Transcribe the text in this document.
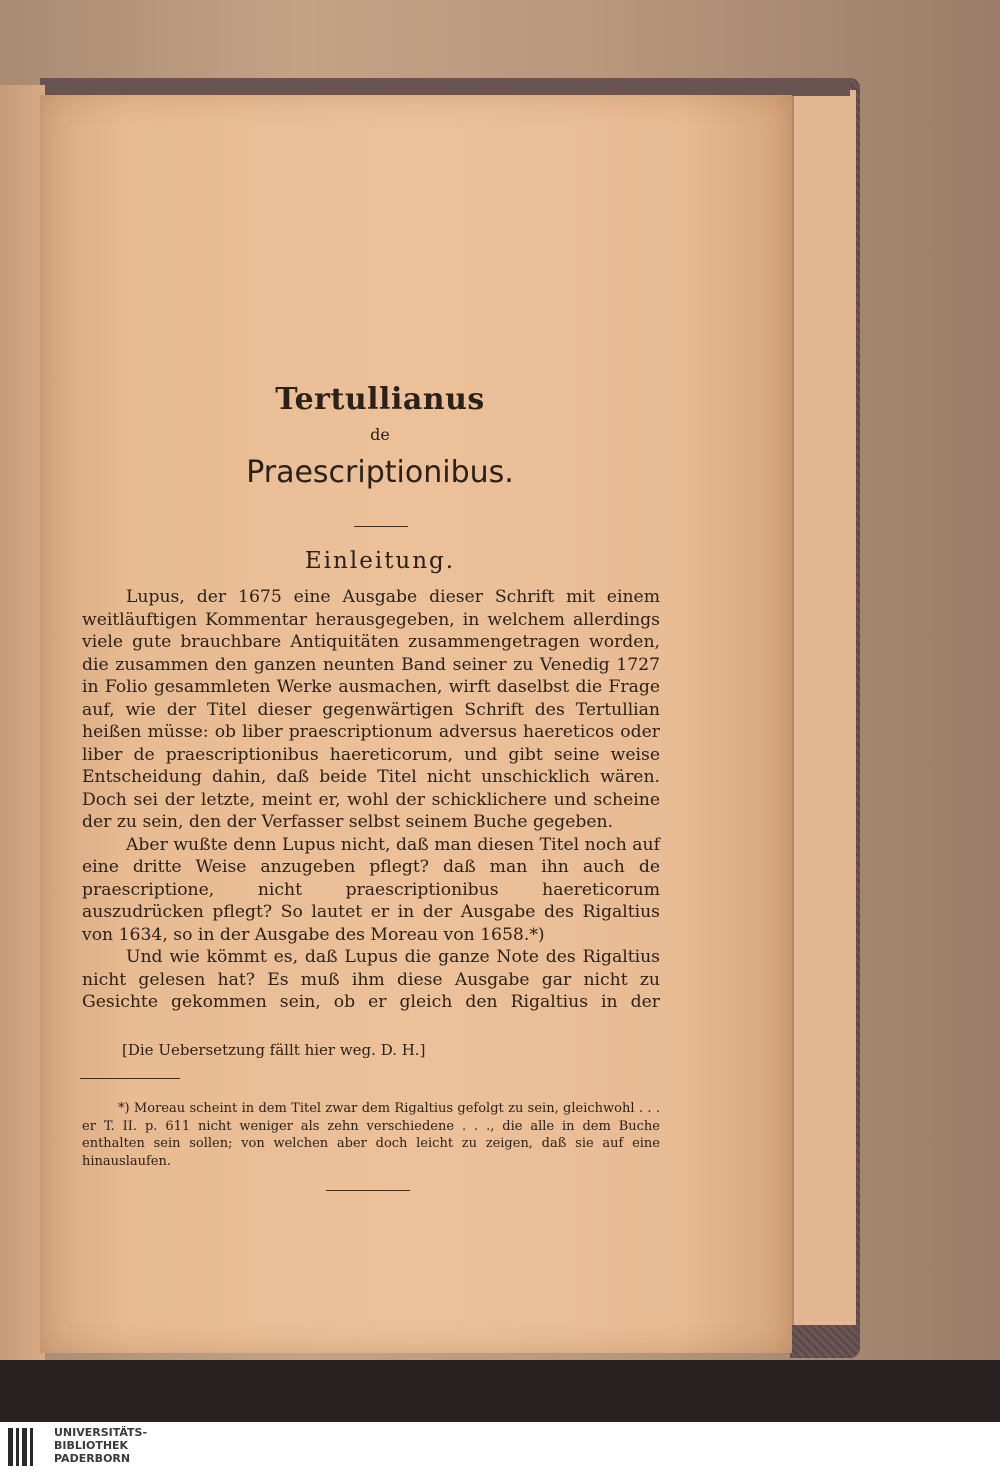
Tertullianus
de
Praescriptionibus.
Einleitung.

Lupus, der 1675 eine Ausgabe dieser Schrift mit einem weitläuftigen Kommentar herausgegeben, in welchem allerdings viele gute brauchbare Antiquitäten zusammengetragen worden, die zusammen den ganzen neunten Band seiner zu Venedig 1727 in Folio gesammleten Werke ausmachen, wirft daselbst die Frage auf, wie der Titel dieser gegenwärtigen Schrift des Tertullian heißen müsse: ob liber praescriptionum adversus haereticos oder liber de praescriptionibus haereticorum, und gibt seine weise Entscheidung dahin, daß beide Titel nicht unschicklich wären. Doch sei der letzte, meint er, wohl der schicklichere und scheine der zu sein, den der Verfasser selbst seinem Buche gegeben.

Aber wußte denn Lupus nicht, daß man diesen Titel noch auf eine dritte Weise anzugeben pflegt? daß man ihn auch de praescriptione, nicht praescriptionibus haereticorum auszudrücken pflegt? So lautet er in der Ausgabe des Rigaltius von 1634, so in der Ausgabe des Moreau von 1658.*)

Und wie kömmt es, daß Lupus die ganze Note des Rigaltius nicht gelesen hat? Es muß ihm diese Ausgabe gar nicht zu Gesichte gekommen sein, ob er gleich den Rigaltius in der

[Die Uebersetzung fällt hier weg. D. H.]

*) Moreau scheint in dem Titel zwar dem Rigaltius gefolgt zu sein, gleichwohl . . . er T. II. p. 611 nicht weniger als zehn verschiedene . . ., die alle in dem Buche enthalten sein sollen; von welchen aber doch leicht zu zeigen, daß sie auf eine hinauslaufen.

UNIVERSITÄTS-
BIBLIOTHEK
PADERBORN
